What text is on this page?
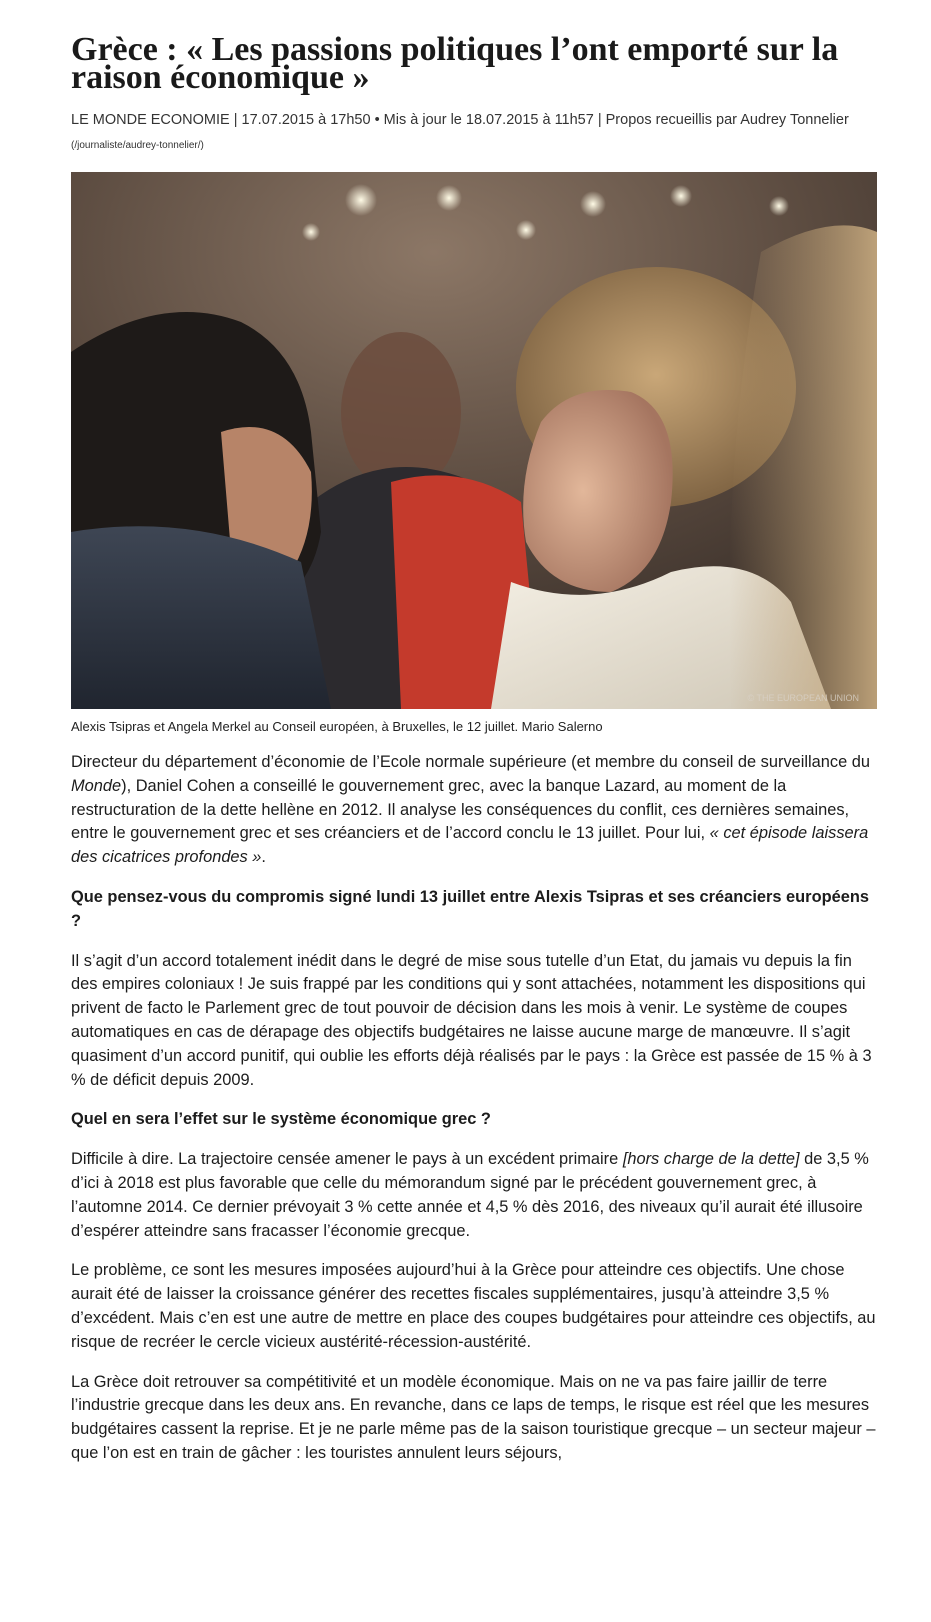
Grèce : « Les passions politiques l’ont emporté sur la raison économique »
LE MONDE ECONOMIE | 17.07.2015 à 17h50 • Mis à jour le 18.07.2015 à 11h57 | Propos recueillis par Audrey Tonnelier (/journaliste/audrey-tonnelier/)
© THE EUROPEAN UNION
Alexis Tsipras et Angela Merkel au Conseil européen, à Bruxelles, le 12 juillet. Mario Salerno

Directeur du département d’économie de l’Ecole normale supérieure (et membre du conseil de surveillance du Monde), Daniel Cohen a conseillé le gouvernement grec, avec la banque Lazard, au moment de la restructuration de la dette hellène en 2012. Il analyse les conséquences du conflit, ces dernières semaines, entre le gouvernement grec et ses créanciers et de l’accord conclu le 13 juillet. Pour lui, « cet épisode laissera des cicatrices profondes ».

Que pensez-vous du compromis signé lundi 13 juillet entre Alexis Tsipras et ses créanciers européens ?

Il s’agit d’un accord totalement inédit dans le degré de mise sous tutelle d’un Etat, du jamais vu depuis la fin des empires coloniaux ! Je suis frappé par les conditions qui y sont attachées, notamment les dispositions qui privent de facto le Parlement grec de tout pouvoir de décision dans les mois à venir. Le système de coupes automatiques en cas de dérapage des objectifs budgétaires ne laisse aucune marge de manœuvre. Il s’agit quasiment d’un accord punitif, qui oublie les efforts déjà réalisés par le pays : la Grèce est passée de 15 % à 3 % de déficit depuis 2009.

Quel en sera l’effet sur le système économique grec ?

Difficile à dire. La trajectoire censée amener le pays à un excédent primaire [hors charge de la dette] de 3,5 % d’ici à 2018 est plus favorable que celle du mémorandum signé par le précédent gouvernement grec, à l’automne 2014. Ce dernier prévoyait 3 % cette année et 4,5 % dès 2016, des niveaux qu’il aurait été illusoire d’espérer atteindre sans fracasser l’économie grecque.

Le problème, ce sont les mesures imposées aujourd’hui à la Grèce pour atteindre ces objectifs. Une chose aurait été de laisser la croissance générer des recettes fiscales supplémentaires, jusqu’à atteindre 3,5 % d’excédent. Mais c’en est une autre de mettre en place des coupes budgétaires pour atteindre ces objectifs, au risque de recréer le cercle vicieux austérité-récession-austérité.

La Grèce doit retrouver sa compétitivité et un modèle économique. Mais on ne va pas faire jaillir de terre l’industrie grecque dans les deux ans. En revanche, dans ce laps de temps, le risque est réel que les mesures budgétaires cassent la reprise. Et je ne parle même pas de la saison touristique grecque – un secteur majeur – que l’on est en train de gâcher : les touristes annulent leurs séjours,
